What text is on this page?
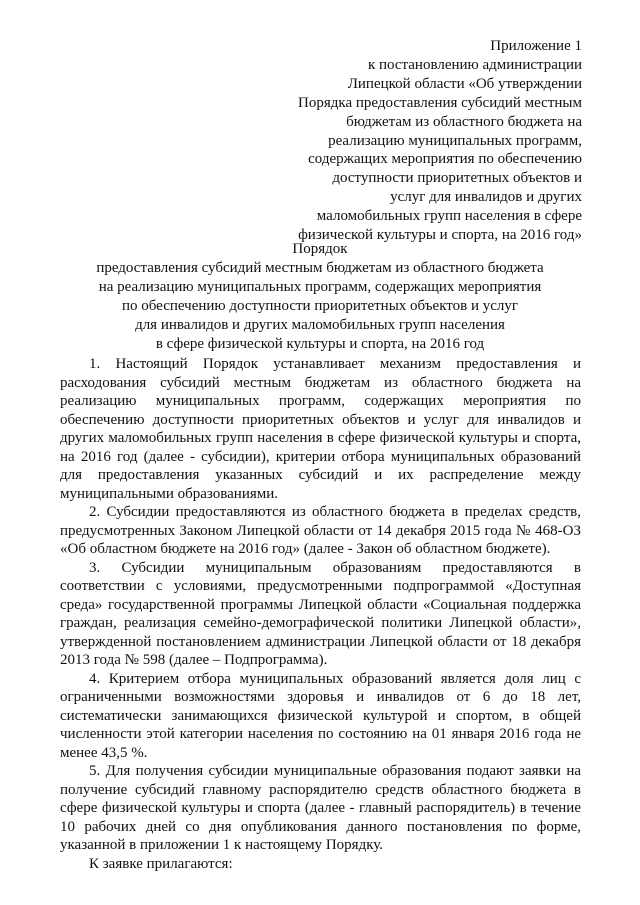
Приложение 1
к постановлению администрации
Липецкой области «Об утверждении
Порядка предоставления субсидий местным
бюджетам из областного бюджета на
реализацию муниципальных программ,
содержащих мероприятия по обеспечению
доступности приоритетных объектов и
услуг для инвалидов и других
маломобильных групп населения в сфере
физической культуры и спорта, на 2016 год»
Порядок
предоставления субсидий местным бюджетам из областного бюджета
на реализацию муниципальных программ, содержащих мероприятия
по обеспечению доступности приоритетных объектов и услуг
для инвалидов и других маломобильных групп населения
в сфере физической культуры и спорта, на 2016 год

1. Настоящий Порядок устанавливает механизм предоставления и расходования субсидий местным бюджетам из областного бюджета на реализацию муниципальных программ, содержащих мероприятия по обеспечению доступности приоритетных объектов и услуг для инвалидов и других маломобильных групп населения в сфере физической культуры и спорта, на 2016 год (далее - субсидии), критерии отбора муниципальных образований для предоставления указанных субсидий и их распределение между муниципальными образованиями.

2. Субсидии предоставляются из областного бюджета в пределах средств, предусмотренных Законом Липецкой области от 14 декабря 2015 года № 468-ОЗ «Об областном бюджете на 2016 год» (далее - Закон об областном бюджете).

3. Субсидии муниципальным образованиям предоставляются в соответствии с условиями, предусмотренными подпрограммой «Доступная среда» государственной программы Липецкой области «Социальная поддержка граждан, реализация семейно-демографической политики Липецкой области», утвержденной постановлением администрации Липецкой области от 18 декабря 2013 года № 598 (далее – Подпрограмма).

4. Критерием отбора муниципальных образований является доля лиц с ограниченными возможностями здоровья и инвалидов от 6 до 18 лет, систематически занимающихся физической культурой и спортом, в общей численности этой категории населения по состоянию на 01 января 2016 года не менее 43,5 %.

5. Для получения субсидии муниципальные образования подают заявки на получение субсидий главному распорядителю средств областного бюджета в сфере физической культуры и спорта (далее - главный распорядитель) в течение 10 рабочих дней со дня опубликования данного постановления по форме, указанной в приложении 1 к настоящему Порядку.

К заявке прилагаются:
